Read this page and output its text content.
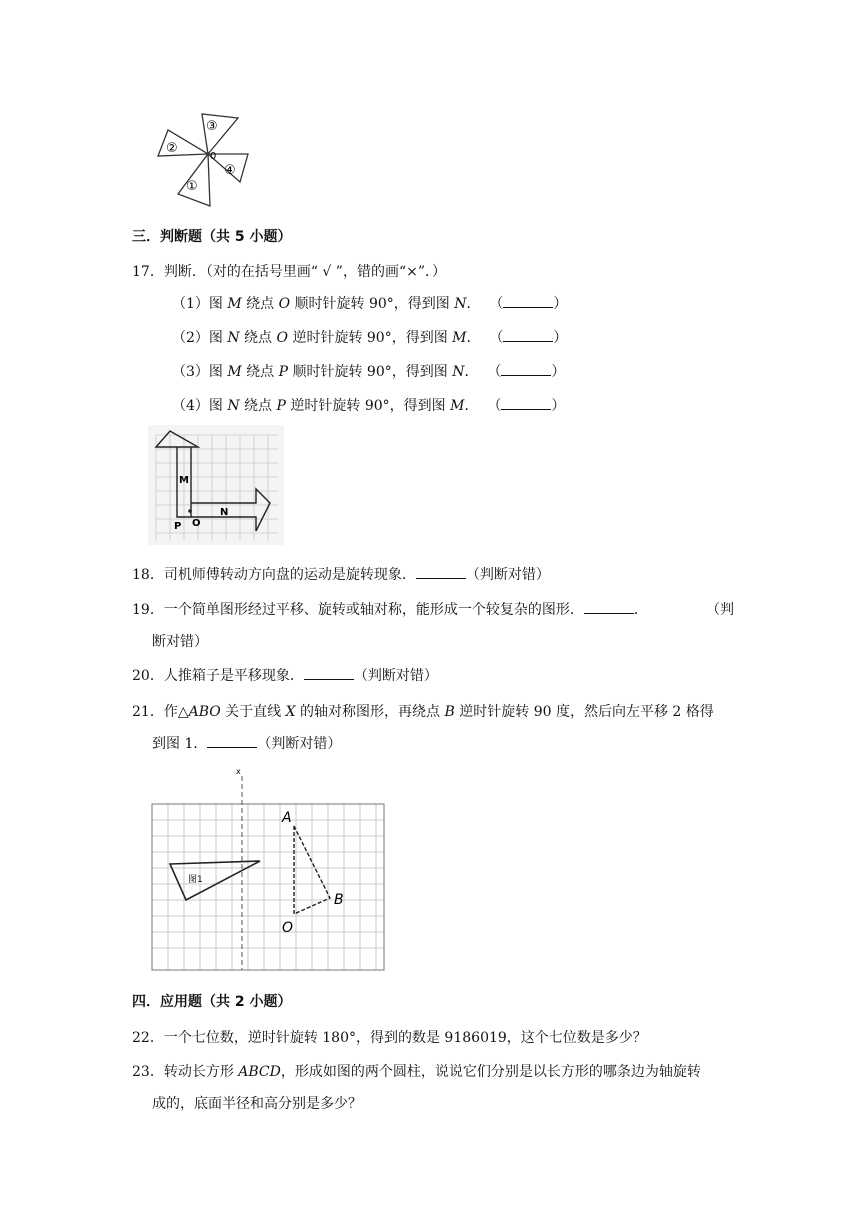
③
②
0
④
①
三．判断题（共 5 小题）
17．判断．（对的在括号里画“ √ ”，错的画“×”．）
（1）图 M 绕点 O 顺时针旋转 90°，得到图 N． （	）
（2）图 N 绕点 O 逆时针旋转 90°，得到图 M． （	）
（3）图 M 绕点 P 顺时针旋转 90°，得到图 N． （	）
（4）图 N 绕点 P 逆时针旋转 90°，得到图 M． （	）
M
N
P O
18．司机师傅转动方向盘的运动是旋转现象．	（判断对错）
19．一个简单图形经过平移、旋转或轴对称，能形成一个较复杂的图形．	．	（判
断对错）
20．人推箱子是平移现象．	（判断对错）
21．作△ABO 关于直线 X 的轴对称图形，再绕点 B 逆时针旋转 90 度，然后向左平移 2 格得
到图 1．	（判断对错）
x
A
B
O
图1
四．应用题（共 2 小题）
22．一个七位数，逆时针旋转 180°，得到的数是 9186019，这个七位数是多少？
23．转动长方形 ABCD，形成如图的两个圆柱，说说它们分别是以长方形的哪条边为轴旋转
成的，底面半径和高分别是多少？
